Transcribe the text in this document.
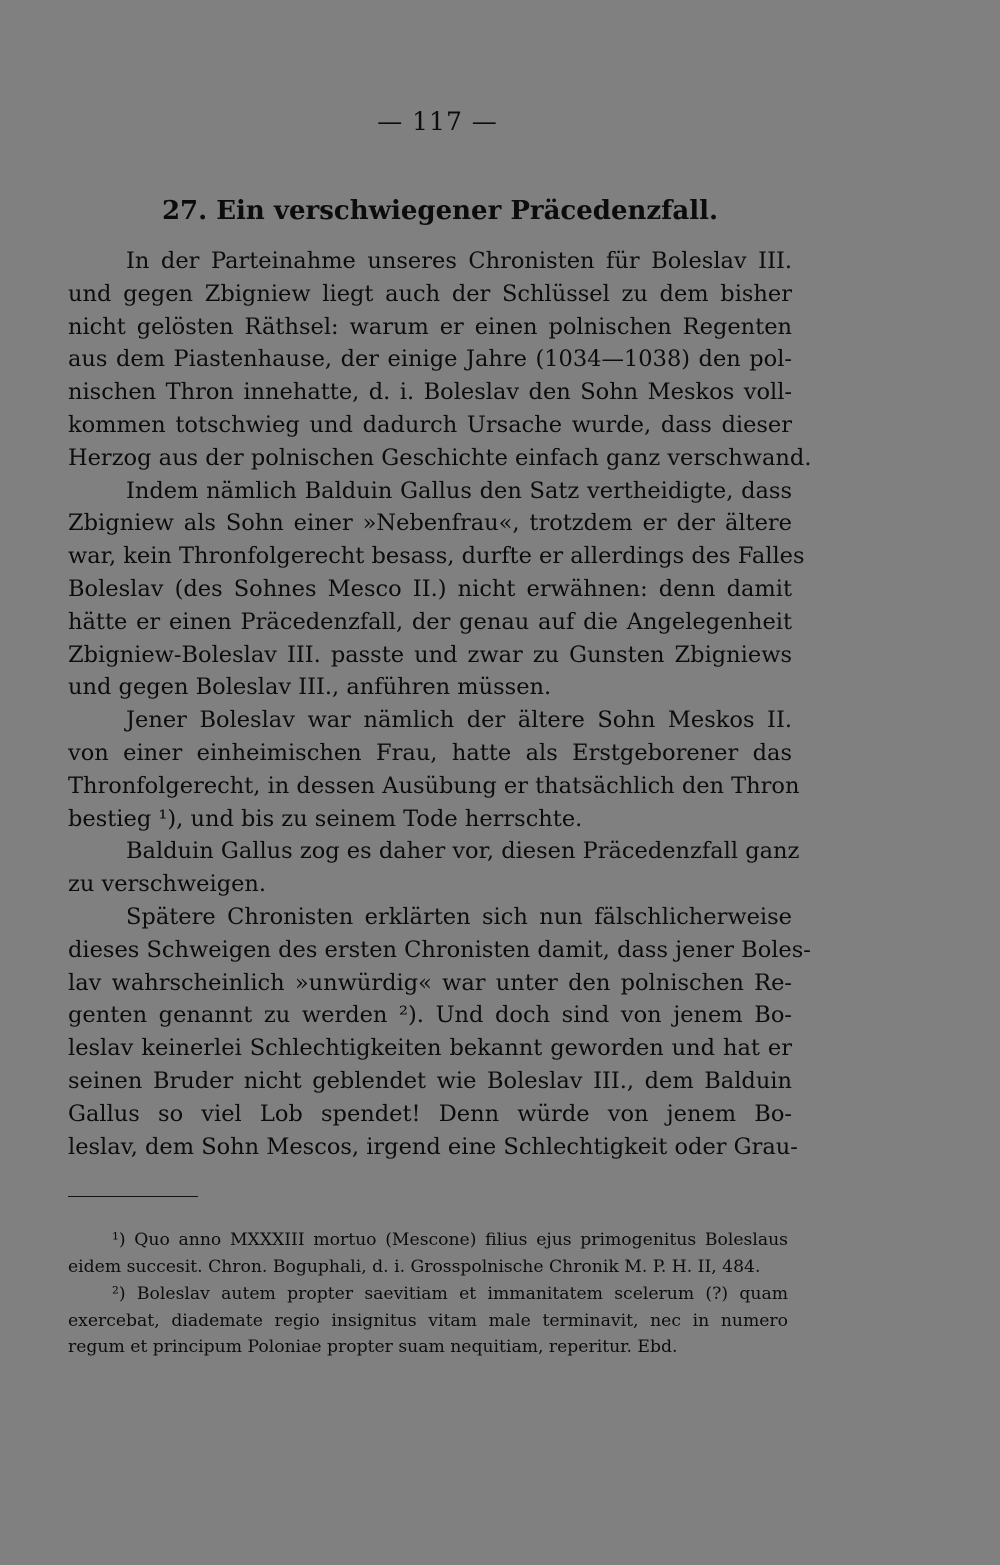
— 117 —
27. Ein verschwiegener Präcedenzfall.
In der Parteinahme unseres Chronisten für Boleslav III.
und gegen Zbigniew liegt auch der Schlüssel zu dem bisher
nicht gelösten Räthsel: warum er einen polnischen Regenten
aus dem Piastenhause, der einige Jahre (1034—1038) den pol-
nischen Thron innehatte, d. i. Boleslav den Sohn Meskos voll-
kommen totschwieg und dadurch Ursache wurde, dass dieser
Herzog aus der polnischen Geschichte einfach ganz verschwand.
Indem nämlich Balduin Gallus den Satz vertheidigte, dass
Zbigniew als Sohn einer »Nebenfrau«, trotzdem er der ältere
war, kein Thronfolgerecht besass, durfte er allerdings des Falles
Boleslav (des Sohnes Mesco II.) nicht erwähnen: denn damit
hätte er einen Präcedenzfall, der genau auf die Angelegenheit
Zbigniew-Boleslav III. passte und zwar zu Gunsten Zbigniews
und gegen Boleslav III., anführen müssen.
Jener Boleslav war nämlich der ältere Sohn Meskos II.
von einer einheimischen Frau, hatte als Erstgeborener das
Thronfolgerecht, in dessen Ausübung er thatsächlich den Thron
bestieg ¹), und bis zu seinem Tode herrschte.
Balduin Gallus zog es daher vor, diesen Präcedenzfall ganz
zu verschweigen.
Spätere Chronisten erklärten sich nun fälschlicherweise
dieses Schweigen des ersten Chronisten damit, dass jener Boles-
lav wahrscheinlich »unwürdig« war unter den polnischen Re-
genten genannt zu werden ²). Und doch sind von jenem Bo-
leslav keinerlei Schlechtigkeiten bekannt geworden und hat er
seinen Bruder nicht geblendet wie Boleslav III., dem Balduin
Gallus so viel Lob spendet! Denn würde von jenem Bo-
leslav, dem Sohn Mescos, irgend eine Schlechtigkeit oder Grau-
¹) Quo anno MXXXIII mortuo (Mescone) filius ejus primogenitus Boleslaus eidem succesit. Chron. Boguphali, d. i. Grosspolnische Chronik M. P. H. II, 484.
²) Boleslav autem propter saevitiam et immanitatem scelerum (?) quam exercebat, diademate regio insignitus vitam male terminavit, nec in numero regum et principum Poloniae propter suam nequitiam, reperitur. Ebd.
